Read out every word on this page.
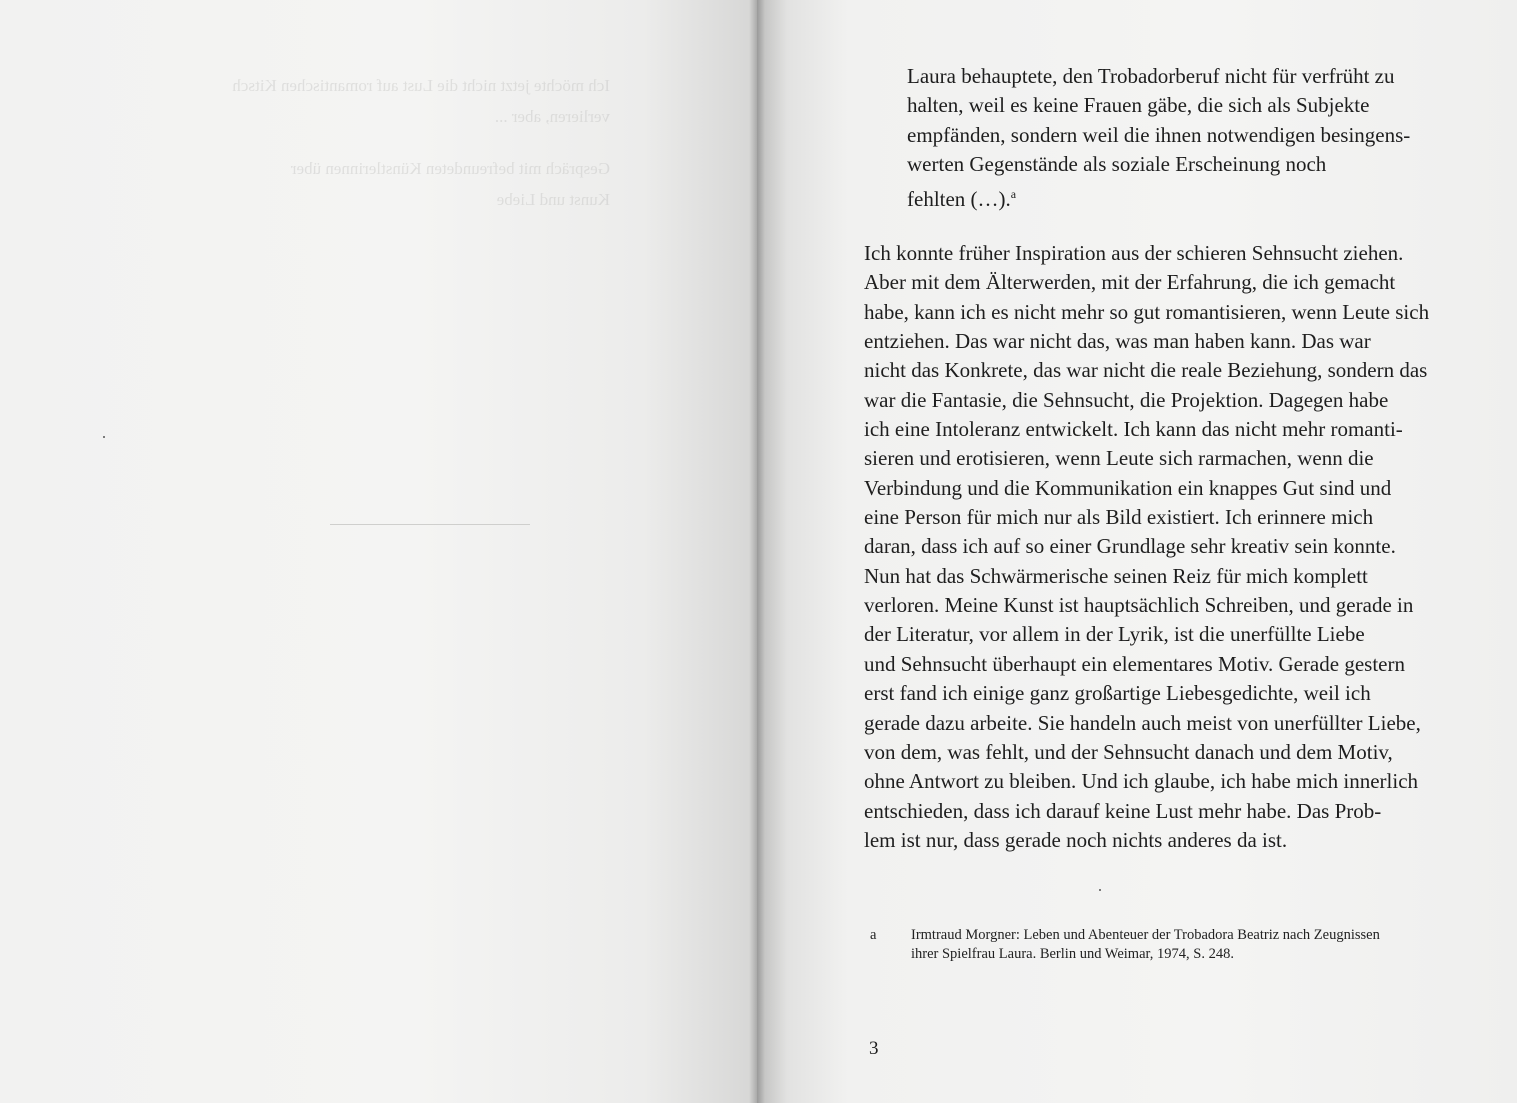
Ich möchte jetzt nicht die Lust auf romantischen Kitsch
verlieren, aber ...
Gespräch mit befreundeten Künstlerinnen über
Kunst und Liebe
Laura behauptete, den Trobadorberuf nicht für verfrüht zu
halten, weil es keine Frauen gäbe, die sich als Subjekte
empfänden, sondern weil die ihnen notwendigen besingens-
werten Gegenstände als soziale Erscheinung noch
fehlten (…).$^a$
Ich konnte früher Inspiration aus der schieren Sehnsucht ziehen.
Aber mit dem Älterwerden, mit der Erfahrung, die ich gemacht
habe, kann ich es nicht mehr so gut romantisieren, wenn Leute sich
entziehen. Das war nicht das, was man haben kann. Das war
nicht das Konkrete, das war nicht die reale Beziehung, sondern das
war die Fantasie, die Sehnsucht, die Projektion. Dagegen habe
ich eine Intoleranz entwickelt. Ich kann das nicht mehr romanti-
sieren und erotisieren, wenn Leute sich rarmachen, wenn die
Verbindung und die Kommunikation ein knappes Gut sind und
eine Person für mich nur als Bild existiert. Ich erinnere mich
daran, dass ich auf so einer Grundlage sehr kreativ sein konnte.
Nun hat das Schwärmerische seinen Reiz für mich komplett
verloren. Meine Kunst ist hauptsächlich Schreiben, und gerade in
der Literatur, vor allem in der Lyrik, ist die unerfüllte Liebe
und Sehnsucht überhaupt ein elementares Motiv. Gerade gestern
erst fand ich einige ganz großartige Liebesgedichte, weil ich
gerade dazu arbeite. Sie handeln auch meist von unerfüllter Liebe,
von dem, was fehlt, und der Sehnsucht danach und dem Motiv,
ohne Antwort zu bleiben. Und ich glaube, ich habe mich innerlich
entschieden, dass ich darauf keine Lust mehr habe. Das Prob-
lem ist nur, dass gerade noch nichts anderes da ist.
a Irmtraud Morgner: Leben und Abenteuer der Trobadora Beatriz nach Zeugnissen
ihrer Spielfrau Laura. Berlin und Weimar, 1974, S. 248.
3
